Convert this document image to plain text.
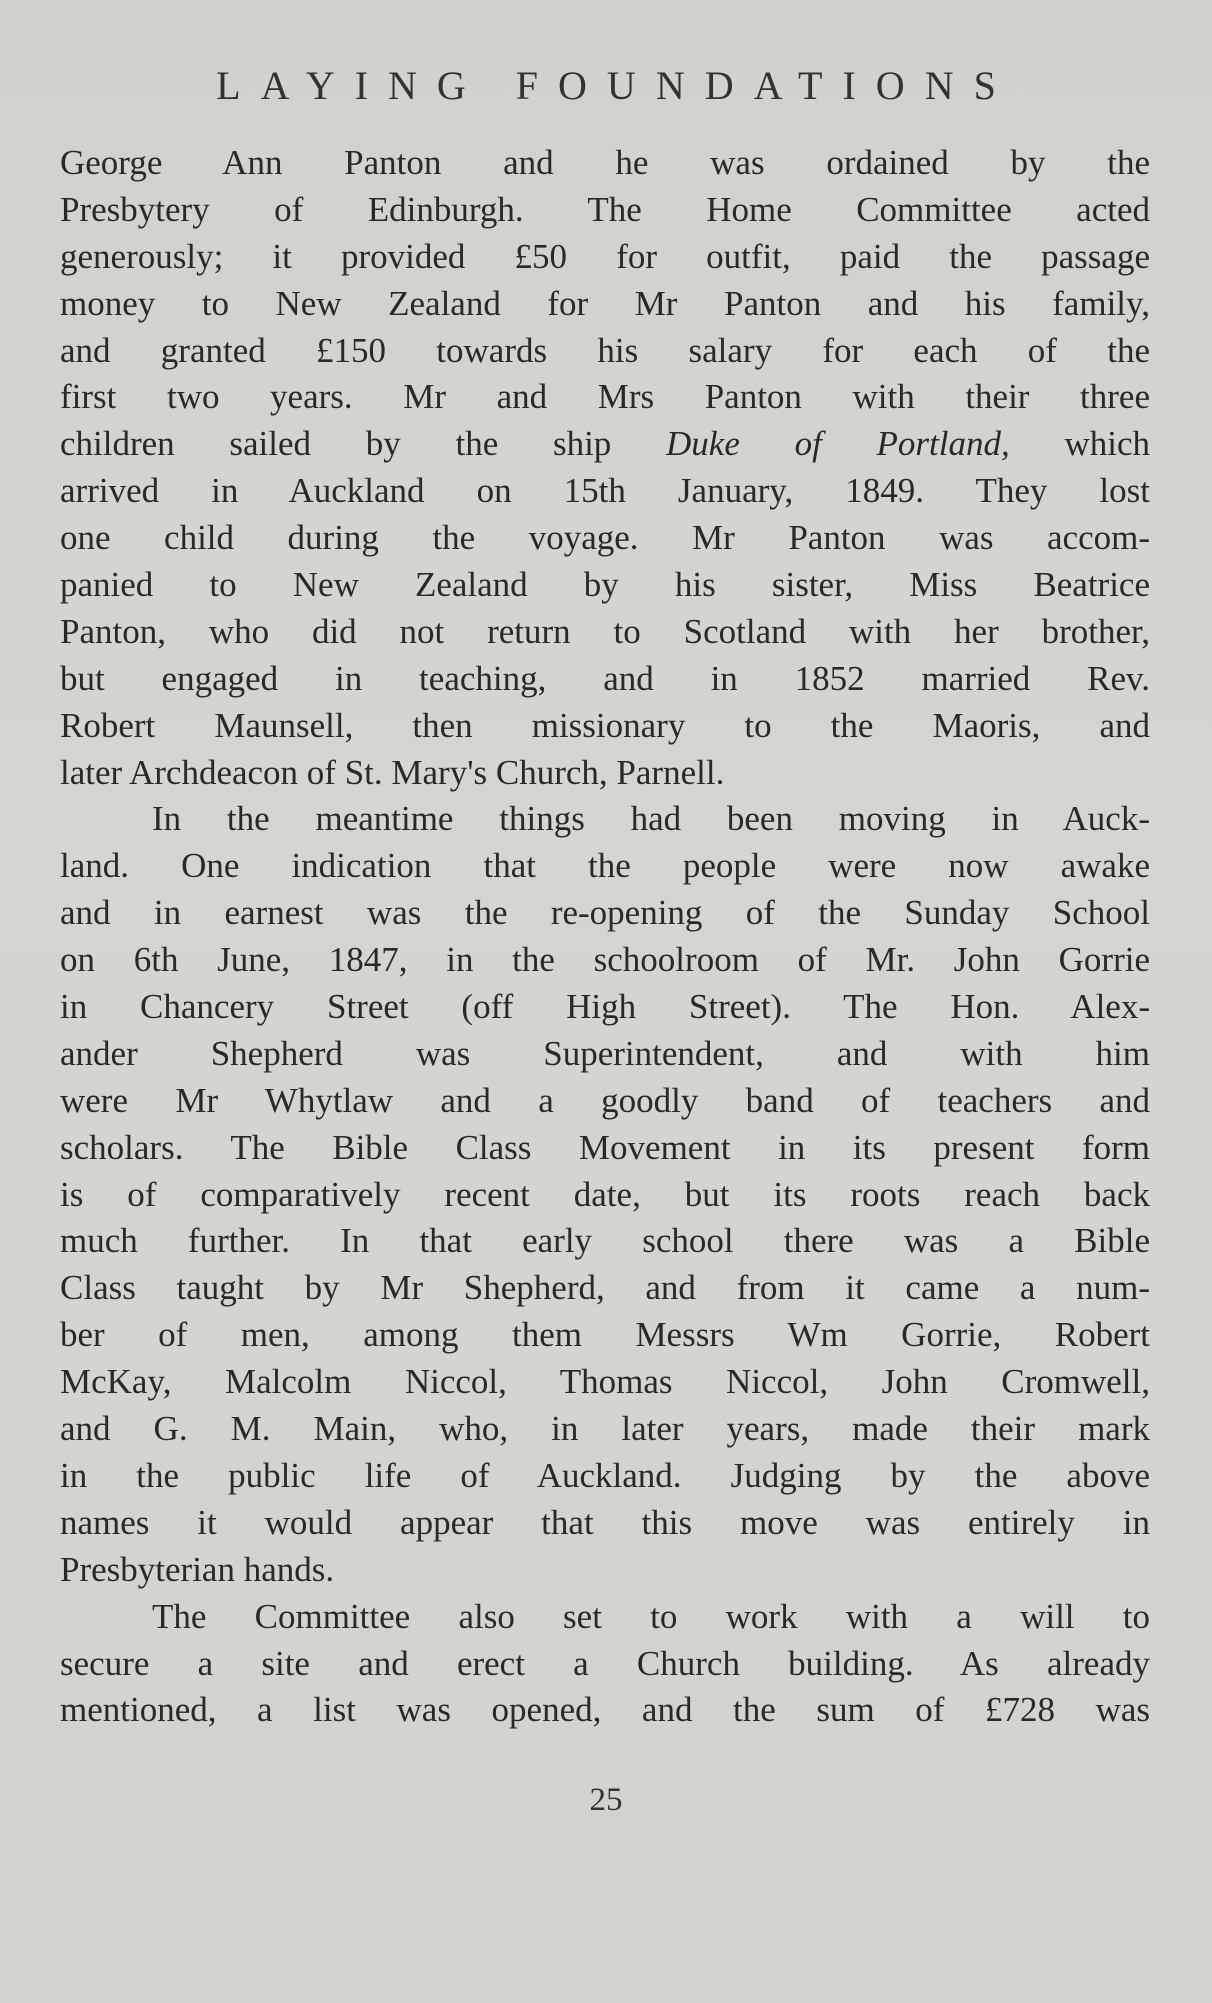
LAYING FOUNDATIONS
George Ann Panton and he was ordained by the
Presbytery of Edinburgh. The Home Committee acted
generously; it provided £50 for outfit, paid the passage
money to New Zealand for Mr Panton and his family,
and granted £150 towards his salary for each of the
first two years. Mr and Mrs Panton with their three
children sailed by the ship Duke of Portland, which
arrived in Auckland on 15th January, 1849. They lost
one child during the voyage. Mr Panton was accom-
panied to New Zealand by his sister, Miss Beatrice
Panton, who did not return to Scotland with her brother,
but engaged in teaching, and in 1852 married Rev.
Robert Maunsell, then missionary to the Maoris, and
later Archdeacon of St. Mary's Church, Parnell.
In the meantime things had been moving in Auck-
land. One indication that the people were now awake
and in earnest was the re-opening of the Sunday School
on 6th June, 1847, in the schoolroom of Mr. John Gorrie
in Chancery Street (off High Street). The Hon. Alex-
ander Shepherd was Superintendent, and with him
were Mr Whytlaw and a goodly band of teachers and
scholars. The Bible Class Movement in its present form
is of comparatively recent date, but its roots reach back
much further. In that early school there was a Bible
Class taught by Mr Shepherd, and from it came a num-
ber of men, among them Messrs Wm Gorrie, Robert
McKay, Malcolm Niccol, Thomas Niccol, John Cromwell,
and G. M. Main, who, in later years, made their mark
in the public life of Auckland. Judging by the above
names it would appear that this move was entirely in
Presbyterian hands.
The Committee also set to work with a will to
secure a site and erect a Church building. As already
mentioned, a list was opened, and the sum of £728 was
25
